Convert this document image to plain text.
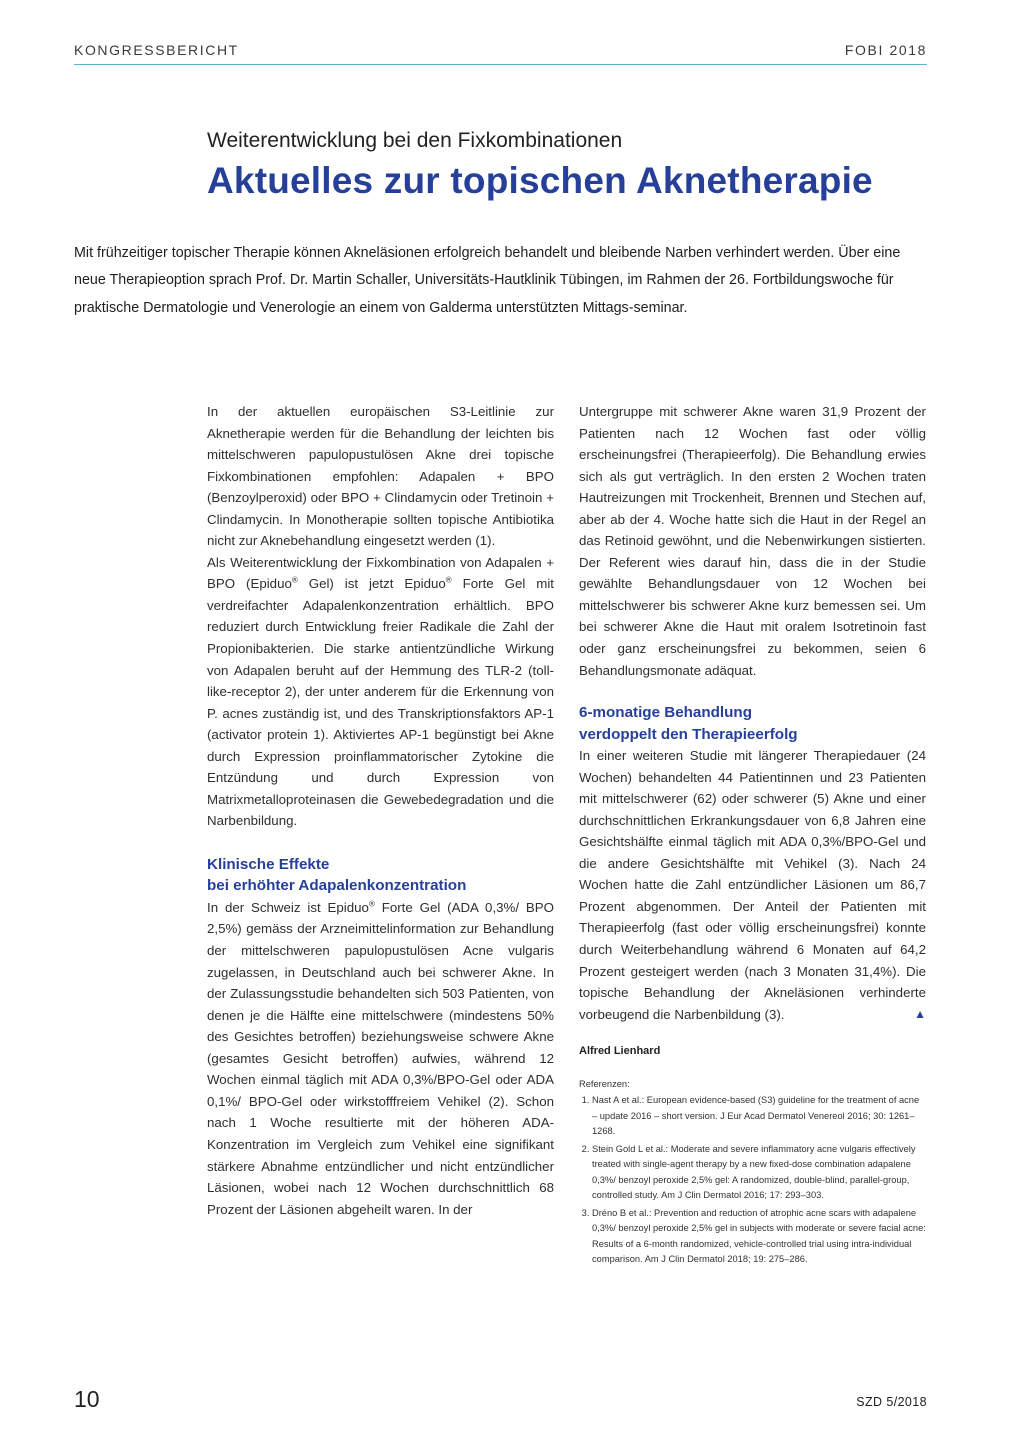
KONGRESSBERICHT	FOBI 2018
Weiterentwicklung bei den Fixkombinationen
Aktuelles zur topischen Aknetherapie

Mit frühzeitiger topischer Therapie können Akneläsionen erfolgreich behandelt und bleibende Narben verhindert werden. Über eine neue Therapieoption sprach Prof. Dr. Martin Schaller, Universitäts-Hautklinik Tübingen, im Rahmen der 26. Fortbildungswoche für praktische Dermatologie und Venerologie an einem von Galderma unterstützten Mittags-seminar.

In der aktuellen europäischen S3-Leitlinie zur Aknetherapie werden für die Behandlung der leichten bis mittelschweren papulopustulösen Akne drei topische Fixkombinationen empfohlen: Adapalen + BPO (Benzoylperoxid) oder BPO + Clindamycin oder Tretinoin + Clindamycin. In Monotherapie sollten topische Antibiotika nicht zur Aknebehandlung eingesetzt werden (1).

Als Weiterentwicklung der Fixkombination von Adapalen + BPO (Epiduo® Gel) ist jetzt Epiduo® Forte Gel mit verdreifachter Adapalenkonzentration erhältlich. BPO reduziert durch Entwicklung freier Radikale die Zahl der Propionibakterien. Die starke antientzündliche Wirkung von Adapalen beruht auf der Hemmung des TLR-2 (toll-like-receptor 2), der unter anderem für die Erkennung von P. acnes zuständig ist, und des Transkriptionsfaktors AP-1 (activator protein 1). Aktiviertes AP-1 begünstigt bei Akne durch Expression proinflammatorischer Zytokine die Entzündung und durch Expression von Matrixmetalloproteinasen die Gewebedegradation und die Narbenbildung.

Klinische Effekte
bei erhöhter Adapalenkonzentration

In der Schweiz ist Epiduo® Forte Gel (ADA 0,3%/ BPO 2,5%) gemäss der Arzneimittelinformation zur Behandlung der mittelschweren papulopustulösen Acne vulgaris zugelassen, in Deutschland auch bei schwerer Akne. In der Zulassungsstudie behandelten sich 503 Patienten, von denen je die Hälfte eine mittelschwere (mindestens 50% des Gesichtes betroffen) beziehungsweise schwere Akne (gesamtes Gesicht betroffen) aufwies, während 12 Wochen einmal täglich mit ADA 0,3%/BPO-Gel oder ADA 0,1%/ BPO-Gel oder wirkstofffreiem Vehikel (2). Schon nach 1 Woche resultierte mit der höheren ADA-Konzentration im Vergleich zum Vehikel eine signifikant stärkere Abnahme entzündlicher und nicht entzündlicher Läsionen, wobei nach 12 Wochen durchschnittlich 68 Prozent der Läsionen abgeheilt waren. In der

Untergruppe mit schwerer Akne waren 31,9 Prozent der Patienten nach 12 Wochen fast oder völlig erscheinungsfrei (Therapieerfolg). Die Behandlung erwies sich als gut verträglich. In den ersten 2 Wochen traten Hautreizungen mit Trockenheit, Brennen und Stechen auf, aber ab der 4. Woche hatte sich die Haut in der Regel an das Retinoid gewöhnt, und die Nebenwirkungen sistierten. Der Referent wies darauf hin, dass die in der Studie gewählte Behandlungsdauer von 12 Wochen bei mittelschwerer bis schwerer Akne kurz bemessen sei. Um bei schwerer Akne die Haut mit oralem Isotretinoin fast oder ganz erscheinungsfrei zu bekommen, seien 6 Behandlungsmonate adäquat.

6-monatige Behandlung
verdoppelt den Therapieerfolg

In einer weiteren Studie mit längerer Therapiedauer (24 Wochen) behandelten 44 Patientinnen und 23 Patienten mit mittelschwerer (62) oder schwerer (5) Akne und einer durchschnittlichen Erkrankungsdauer von 6,8 Jahren eine Gesichtshälfte einmal täglich mit ADA 0,3%/BPO-Gel und die andere Gesichtshälfte mit Vehikel (3). Nach 24 Wochen hatte die Zahl entzündlicher Läsionen um 86,7 Prozent abgenommen. Der Anteil der Patienten mit Therapieerfolg (fast oder völlig erscheinungsfrei) konnte durch Weiterbehandlung während 6 Monaten auf 64,2 Prozent gesteigert werden (nach 3 Monaten 31,4%). Die topische Behandlung der Akneläsionen verhinderte vorbeugend die Narbenbildung (3).	▲

Alfred Lienhard

Referenzen:

1. Nast A et al.: European evidence-based (S3) guideline for the treatment of acne – update 2016 – short version. J Eur Acad Dermatol Venereol 2016; 30: 1261–1268.
2. Stein Gold L et al.: Moderate and severe inflammatory acne vulgaris effectively treated with single-agent therapy by a new fixed-dose combination adapalene 0,3%/ benzoyl peroxide 2,5% gel: A randomized, double-blind, parallel-group, controlled study. Am J Clin Dermatol 2016; 17: 293–303.
3. Dréno B et al.: Prevention and reduction of atrophic acne scars with adapalene 0,3%/ benzoyl peroxide 2,5% gel in subjects with moderate or severe facial acne: Results of a 6-month randomized, vehicle-controlled trial using intra-individual comparison. Am J Clin Dermatol 2018; 19: 275–286.
10	SZD 5/2018
